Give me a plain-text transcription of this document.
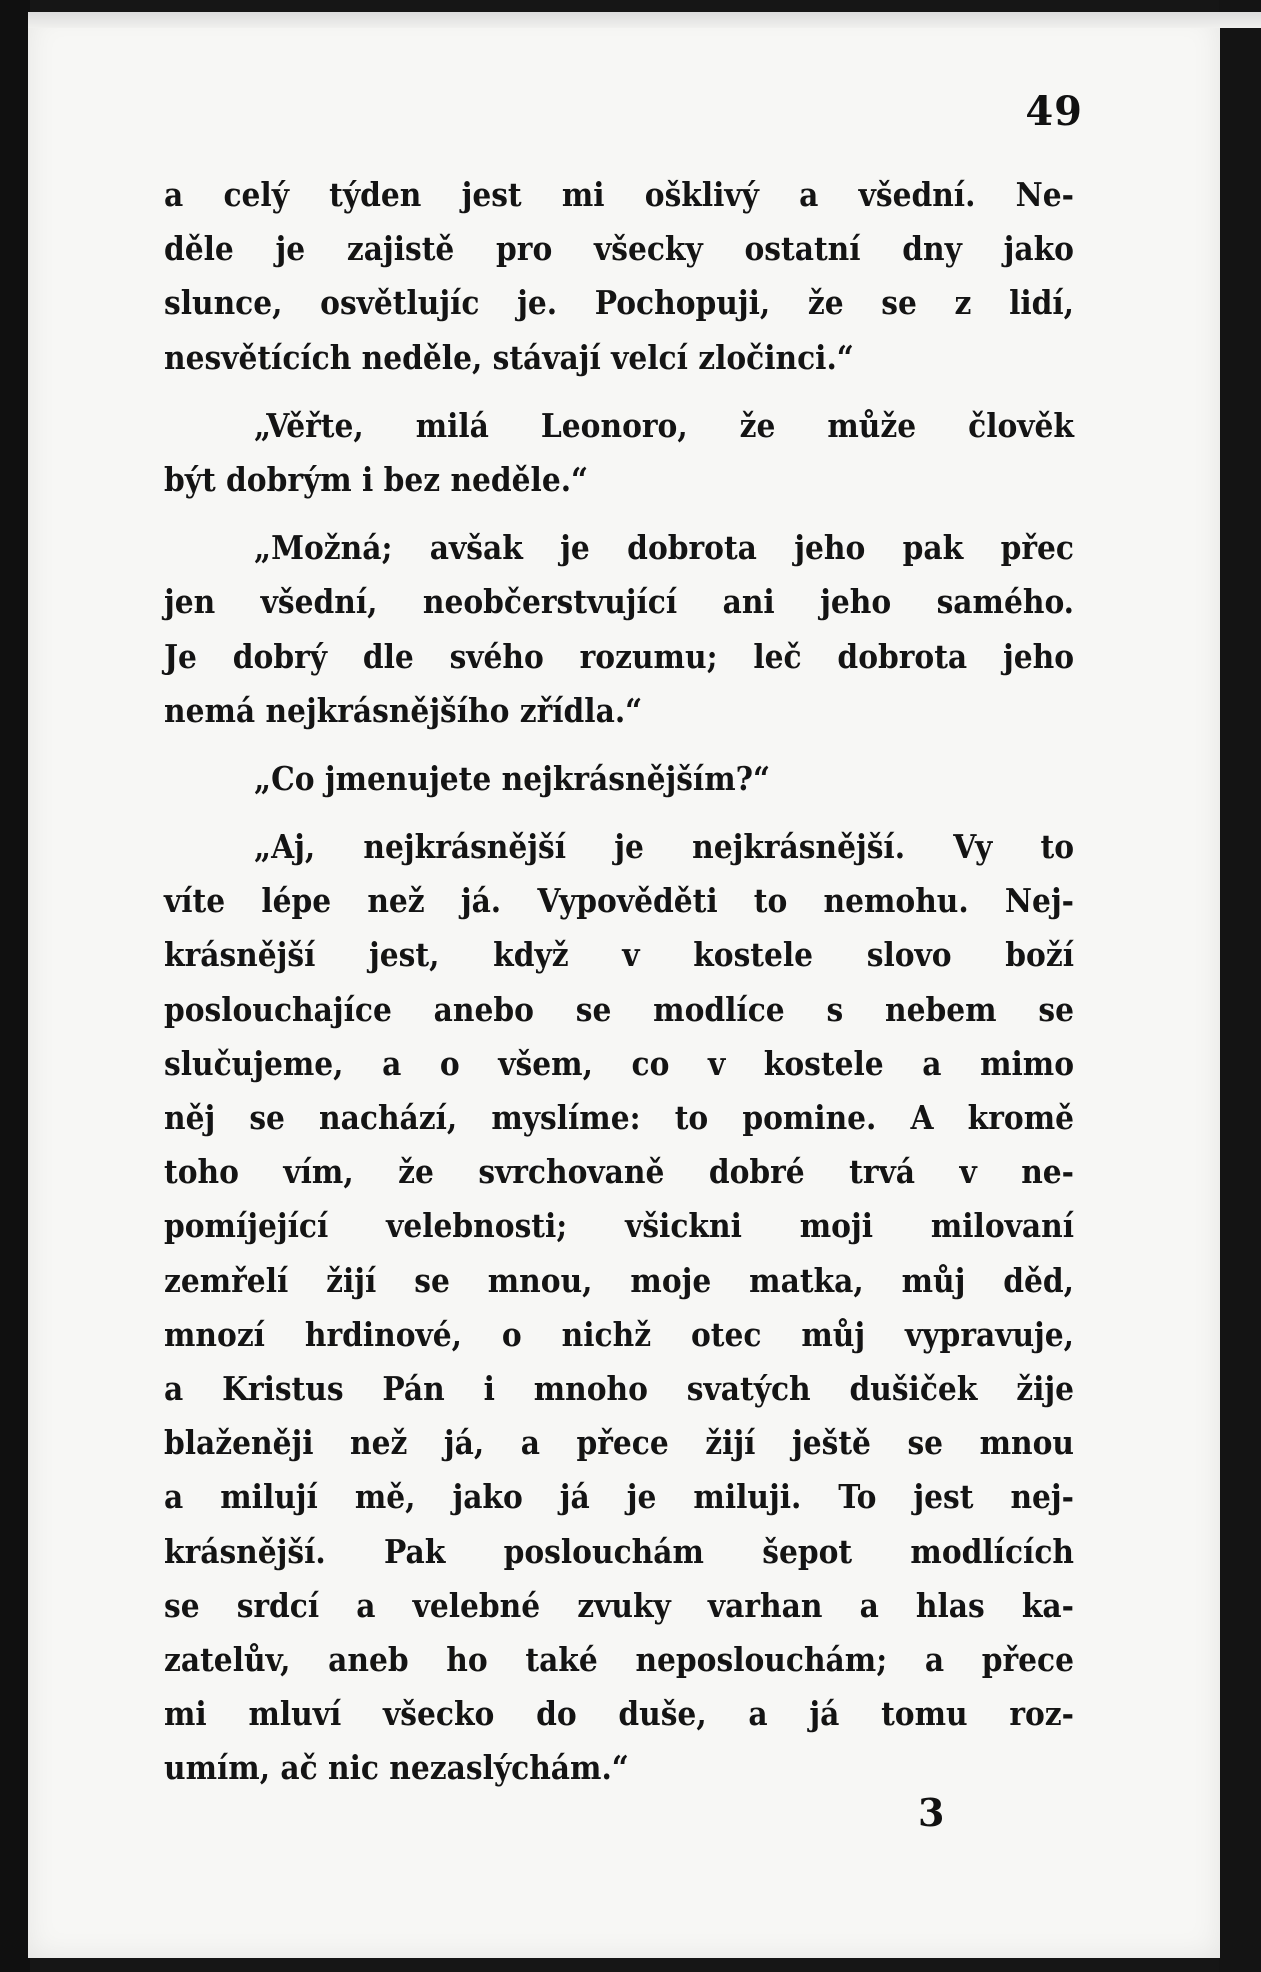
49
a celý týden jest mi ošklivý a všední. Ne-
děle je zajistě pro všecky ostatní dny jako
slunce, osvětlujíc je. Pochopuji, že se z lidí,
nesvětících neděle, stávají velcí zločinci.“
„Věřte, milá Leonoro, že může člověk
být dobrým i bez neděle.“
„Možná; avšak je dobrota jeho pak přec
jen všední, neobčerstvující ani jeho samého.
Je dobrý dle svého rozumu; leč dobrota jeho
nemá nejkrásnějšího zřídla.“
„Co jmenujete nejkrásnějším?“
„Aj, nejkrásnější je nejkrásnější. Vy to
víte lépe než já. Vypověděti to nemohu. Nej-
krásnější jest, když v kostele slovo boží
poslouchajíce anebo se modlíce s nebem se
slučujeme, a o všem, co v kostele a mimo
něj se nachází, myslíme: to pomine. A kromě
toho vím, že svrchovaně dobré trvá v ne-
pomíjející velebnosti; všickni moji milovaní
zemřelí žijí se mnou, moje matka, můj děd,
mnozí hrdinové, o nichž otec můj vypravuje,
a Kristus Pán i mnoho svatých dušiček žije
blaženěji než já, a přece žijí ještě se mnou
a milují mě, jako já je miluji. To jest nej-
krásnější. Pak poslouchám šepot modlících
se srdcí a velebné zvuky varhan a hlas ka-
zatelův, aneb ho také neposlouchám; a přece
mi mluví všecko do duše, a já tomu roz-
umím, ač nic nezaslýchám.“
3
